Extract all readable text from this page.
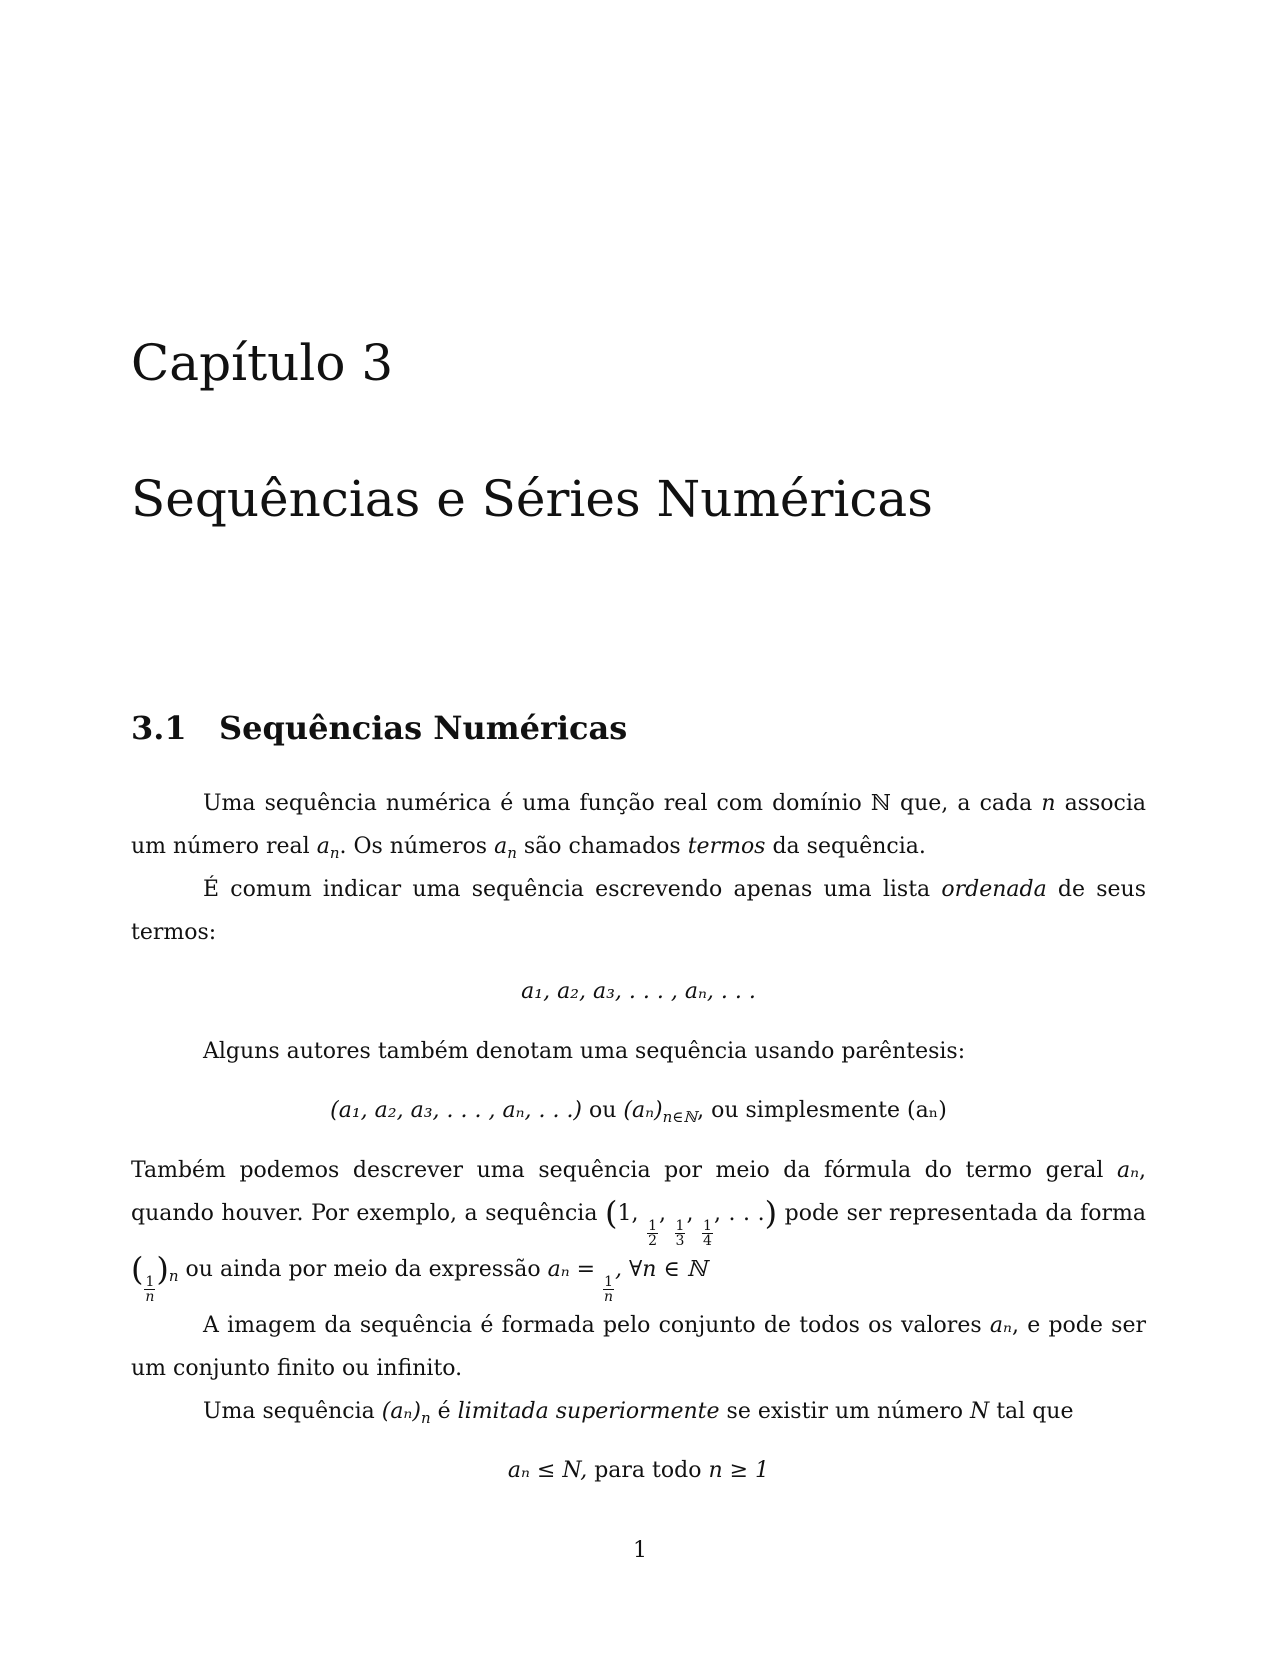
Capítulo 3
Sequências e Séries Numéricas
3.1 Sequências Numéricas

Uma sequência numérica é uma função real com domínio ℕ que, a cada n associa um número real $a_n$. Os números $a_n$ são chamados termos da sequência.

É comum indicar uma sequência escrevendo apenas uma lista ordenada de seus termos:

a₁, a₂, a₃, . . . , aₙ, . . .

Alguns autores também denotam uma sequência usando parêntesis:

(a₁, a₂, a₃, . . . , aₙ, . . .) ou $(a_n)_{n\in ℕ}$, ou simplesmente (aₙ)

Também podemos descrever uma sequência por meio da fórmula do termo geral aₙ, quando houver. Por exemplo, a sequência (1,
$\frac{1}{2}$
,
$\frac{1}{3}$
,
$\frac{1}{4}$
, . . .) pode ser representada da forma (
$\frac{1}{n}$
)$_n$ ou ainda por meio da expressão aₙ =
$\frac{1}{n}$
, ∀n ∈ ℕ

A imagem da sequência é formada pelo conjunto de todos os valores aₙ, e pode ser um conjunto finito ou infinito.

Uma sequência $(a_n)_n$ é limitada superiormente se existir um número N tal que

aₙ ≤ N, para todo n ≥ 1

1
